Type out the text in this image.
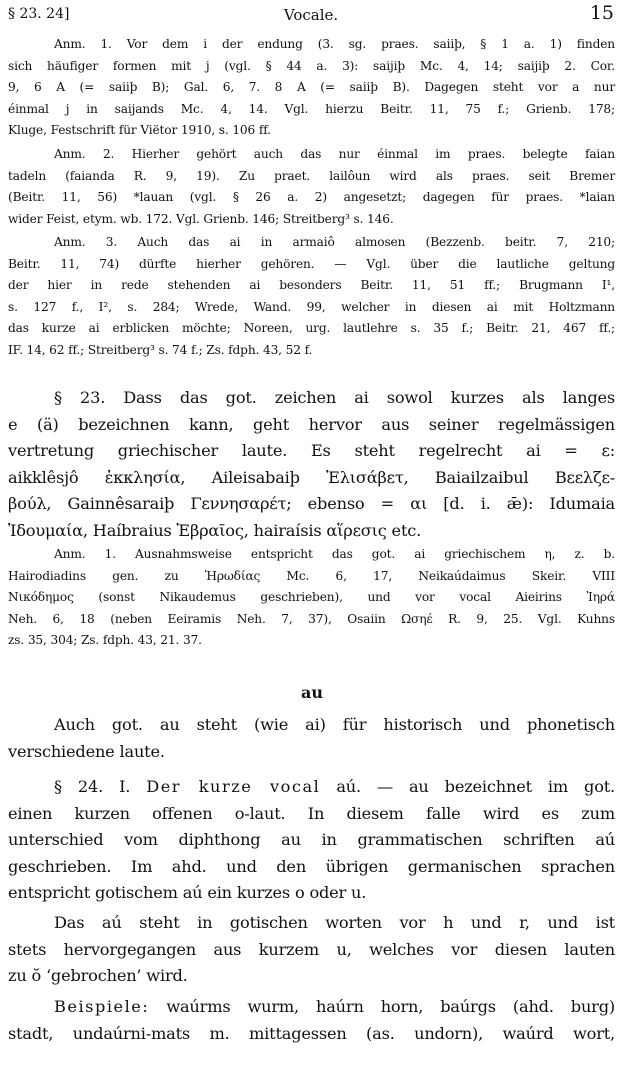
§ 23. 24]	Vocale.	15
Anm. 1. Vor dem i der endung (3. sg. praes. saiiþ, § 1 a. 1) finden
sich häufiger formen mit j (vgl. § 44 a. 3): saijiþ Mc. 4, 14; saijiþ 2. Cor.
9, 6 A (= saiiþ B); Gal. 6, 7. 8 A (= saiiþ B). Dagegen steht vor a nur
éinmal j in saijands Mc. 4, 14. Vgl. hierzu Beitr. 11, 75 f.; Grienb. 178;
Kluge, Festschrift für Viëtor 1910, s. 106 ff.
Anm. 2. Hierher gehört auch das nur éinmal im praes. belegte faian
tadeln (faianda R. 9, 19). Zu praet. lailôun wird als praes. seit Bremer
(Beitr. 11, 56) *lauan (vgl. § 26 a. 2) angesetzt; dagegen für praes. *laian
wider Feist, etym. wb. 172. Vgl. Grienb. 146; Streitberg³ s. 146.
Anm. 3. Auch das ai in armaiô almosen (Bezzenb. beitr. 7, 210;
Beitr. 11, 74) dürfte hierher gehören. — Vgl. über die lautliche geltung
der hier in rede stehenden ai besonders Beitr. 11, 51 ff.; Brugmann I¹,
s. 127 f., I², s. 284; Wrede, Wand. 99, welcher in diesen ai mit Holtzmann
das kurze ai erblicken möchte; Noreen, urg. lautlehre s. 35 f.; Beitr. 21, 467 ff.;
IF. 14, 62 ff.; Streitberg³ s. 74 f.; Zs. fdph. 43, 52 f.
§ 23. Dass das got. zeichen ai sowol kurzes als langes
e (ä) bezeichnen kann, geht hervor aus seiner regelmässigen
vertretung griechischer laute. Es steht regelrecht ai = ε:
aikklêsjô ἐκκλησία, Aileisabaiþ Ἐλισάβετ, Baiailzaibul Βεελζε-
βούλ, Gainnêsaraiþ Γεννησαρέτ; ebenso = αι [d. i. ǣ): Idumaia
Ἰδουμαία, Haíbraius Ἑβραῖος, hairaísis αἵρεσις etc.
Anm. 1. Ausnahmsweise entspricht das got. ai griechischem η, z. b.
Hairodiadins gen. zu Ἡρωδίας Mc. 6, 17, Neikaúdaimus Skeir. VIII
Νικόδημος (sonst Nikaudemus geschrieben), und vor vocal Aieirins Ἰηρά
Neh. 6, 18 (neben Eeiramis Neh. 7, 37), Osaiin Ωσηέ R. 9, 25. Vgl. Kuhns
zs. 35, 304; Zs. fdph. 43, 21. 37.
au
Auch got. au steht (wie ai) für historisch und phonetisch
verschiedene laute.
§ 24. I. Der kurze vocal aú. — au bezeichnet im got.
einen kurzen offenen o-laut. In diesem falle wird es zum
unterschied vom diphthong au in grammatischen schriften aú
geschrieben. Im ahd. und den übrigen germanischen sprachen
entspricht gotischem aú ein kurzes o oder u.
Das aú steht in gotischen worten vor h und r, und ist
stets hervorgegangen aus kurzem u, welches vor diesen lauten
zu ŏ ‘gebrochen’ wird.
Beispiele: waúrms wurm, haúrn horn, baúrgs (ahd. burg)
stadt, undaúrni-mats m. mittagessen (as. undorn), waúrd wort,
